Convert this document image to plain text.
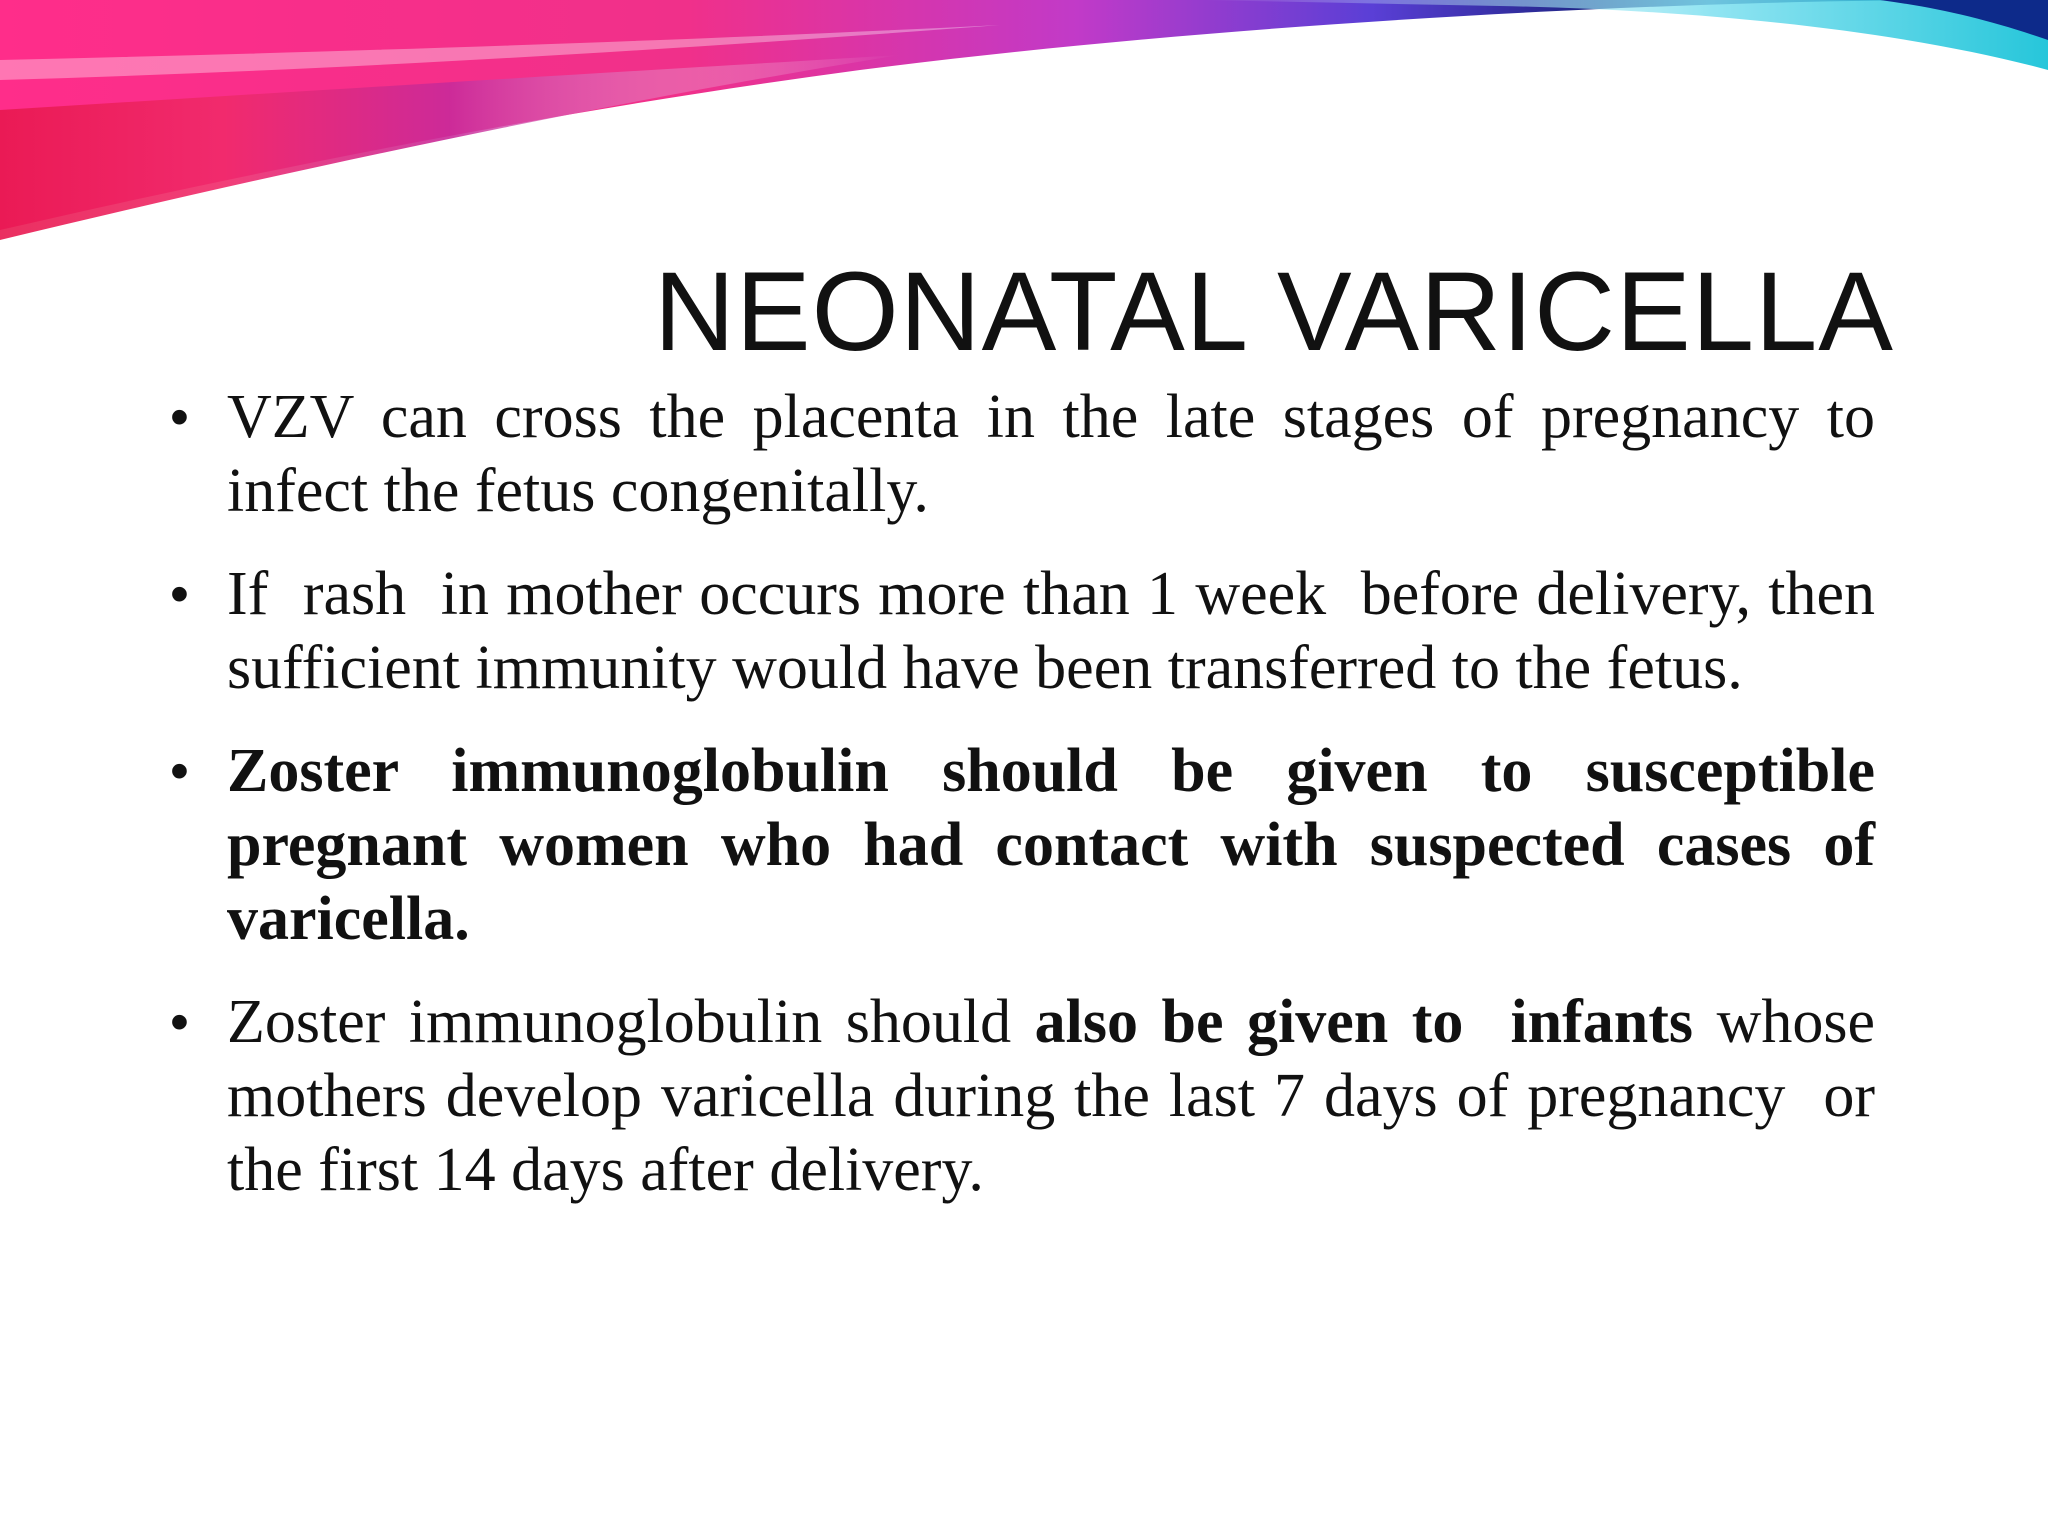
NEONATAL VARICELLA
• VZV can cross the placenta in the late stages of pregnancy to infect the fetus congenitally.
• If  rash  in mother occurs more than 1 week  before delivery, then sufficient immunity would have been transferred to the fetus.
• Zoster immunoglobulin should be given to susceptible pregnant women who had contact with suspected cases of varicella.
• Zoster immunoglobulin should also be given to  infants whose mothers develop varicella during the last 7 days of pregnancy  or the first 14 days after delivery.
